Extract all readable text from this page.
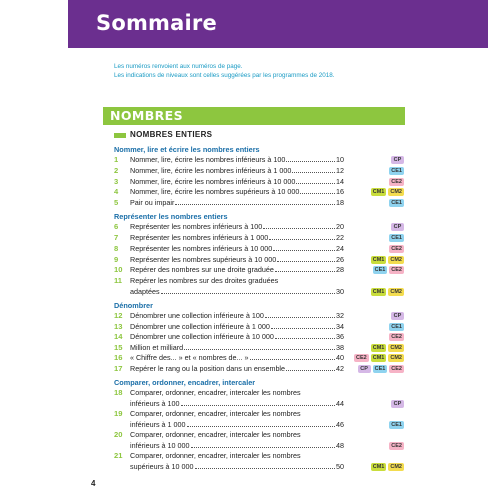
Sommaire
Les numéros renvoient aux numéros de page.
Les indications de niveaux sont celles suggérées par les programmes de 2018.
NOMBRES
NOMBRES ENTIERS
Nommer, lire et écrire les nombres entiers
Représenter les nombres entiers
Dénombrer
Comparer, ordonner, encadrer, intercaler
1	Nommer, lire, écrire les nombres inférieurs à 100	10	CP
2	Nommer, lire, écrire les nombres inférieurs à 1 000	12	CE1
3	Nommer, lire, écrire les nombres inférieurs à 10 000	14	CE2
4	Nommer, lire, écrire les nombres supérieurs à 10 000	16	CM1	CM2
5	Pair ou impair	18	CE1
6	Représenter les nombres inférieurs à 100	20	CP
7	Représenter les nombres inférieurs à 1 000	22	CE1
8	Représenter les nombres inférieurs à 10 000	24	CE2
9	Représenter les nombres supérieurs à 10 000	26	CM1	CM2
10	Repérer des nombres sur une droite graduée	28	CE1	CE2
11	Repérer les nombres sur des droites graduées
adaptées	30	CM1	CM2
12	Dénombrer une collection inférieure à 100	32	CP
13	Dénombrer une collection inférieure à 1 000	34	CE1
14	Dénombrer une collection inférieure à 10 000	36	CE2
15	Million et milliard	38	CM1	CM2
16	« Chiffre des... » et « nombres de... »	40	CE2	CM1	CM2
17	Repérer le rang ou la position dans un ensemble	42	CP	CE1	CE2
18	Comparer, ordonner, encadrer, intercaler les nombres
inférieurs à 100	44	CP
19	Comparer, ordonner, encadrer, intercaler les nombres
inférieurs à 1 000	46	CE1
20	Comparer, ordonner, encadrer, intercaler les nombres
inférieurs à 10 000	48	CE2
21	Comparer, ordonner, encadrer, intercaler les nombres
supérieurs à 10 000	50	CM1	CM2
4
